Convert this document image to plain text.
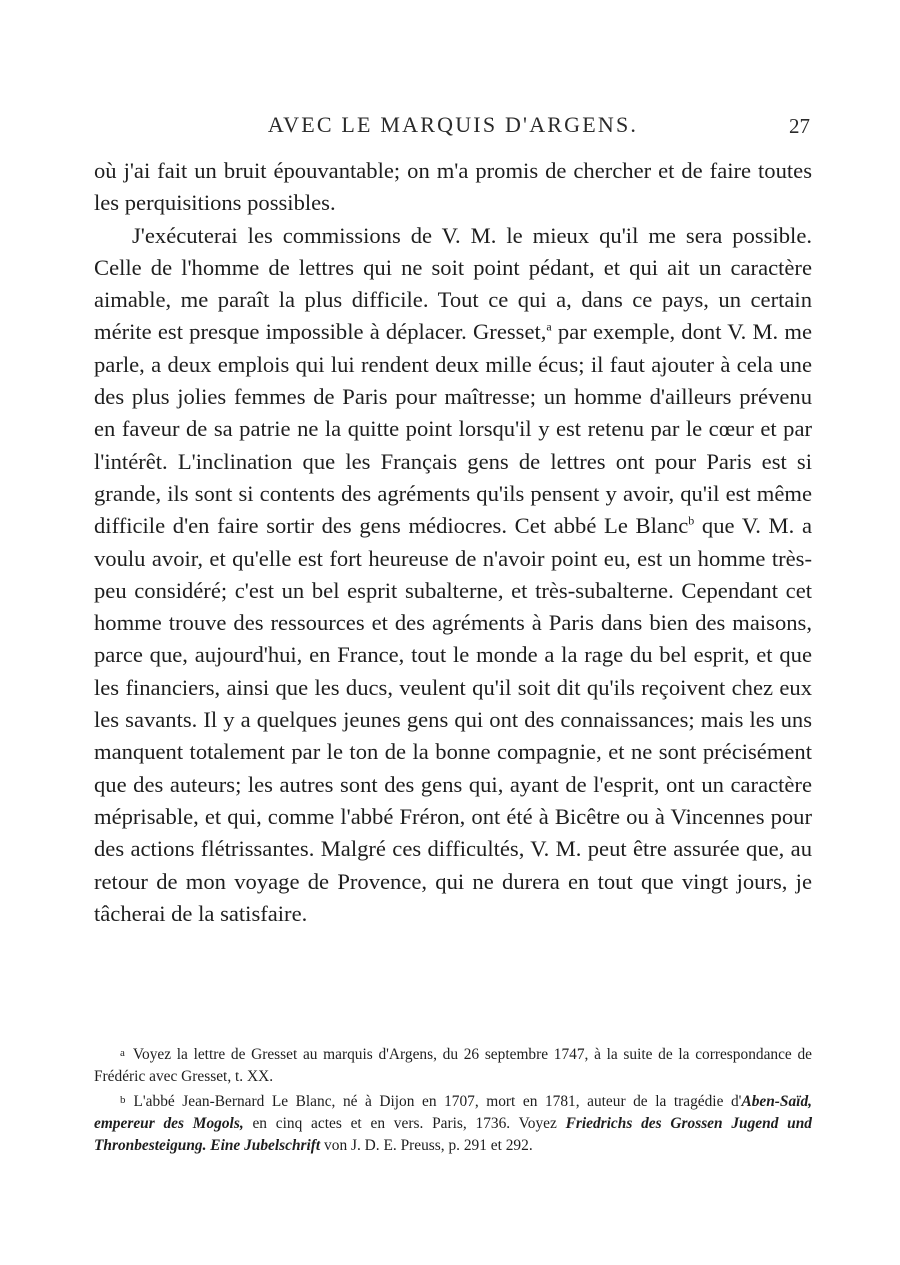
AVEC LE MARQUIS D'ARGENS.	27

où j'ai fait un bruit épouvantable; on m'a promis de chercher et de faire toutes les perquisitions possibles.

J'exécuterai les commissions de V. M. le mieux qu'il me sera possible. Celle de l'homme de lettres qui ne soit point pédant, et qui ait un caractère aimable, me paraît la plus difficile. Tout ce qui a, dans ce pays, un certain mérite est presque impossible à déplacer. Gresset,$^a$ par exemple, dont V. M. me parle, a deux emplois qui lui rendent deux mille écus; il faut ajouter à cela une des plus jolies femmes de Paris pour maîtresse; un homme d'ailleurs prévenu en faveur de sa patrie ne la quitte point lorsqu'il y est retenu par le cœur et par l'intérêt. L'inclination que les Français gens de lettres ont pour Paris est si grande, ils sont si contents des agréments qu'ils pensent y avoir, qu'il est même difficile d'en faire sortir des gens médiocres. Cet abbé Le Blanc$^b$ que V. M. a voulu avoir, et qu'elle est fort heureuse de n'avoir point eu, est un homme très-peu considéré; c'est un bel esprit subalterne, et très-subalterne. Cependant cet homme trouve des ressources et des agréments à Paris dans bien des maisons, parce que, aujourd'hui, en France, tout le monde a la rage du bel esprit, et que les financiers, ainsi que les ducs, veulent qu'il soit dit qu'ils reçoivent chez eux les savants. Il y a quelques jeunes gens qui ont des connaissances; mais les uns manquent totalement par le ton de la bonne compagnie, et ne sont précisément que des auteurs; les autres sont des gens qui, ayant de l'esprit, ont un caractère méprisable, et qui, comme l'abbé Fréron, ont été à Bicêtre ou à Vincennes pour des actions flétrissantes. Malgré ces difficultés, V. M. peut être assurée que, au retour de mon voyage de Provence, qui ne durera en tout que vingt jours, je tâcherai de la satisfaire.

a Voyez la lettre de Gresset au marquis d'Argens, du 26 septembre 1747, à la suite de la correspondance de Frédéric avec Gresset, t. XX.

b L'abbé Jean-Bernard Le Blanc, né à Dijon en 1707, mort en 1781, auteur de la tragédie d'Aben-Saïd, empereur des Mogols, en cinq actes et en vers. Paris, 1736. Voyez Friedrichs des Grossen Jugend und Thronbesteigung. Eine Jubelschrift von J. D. E. Preuss, p. 291 et 292.
